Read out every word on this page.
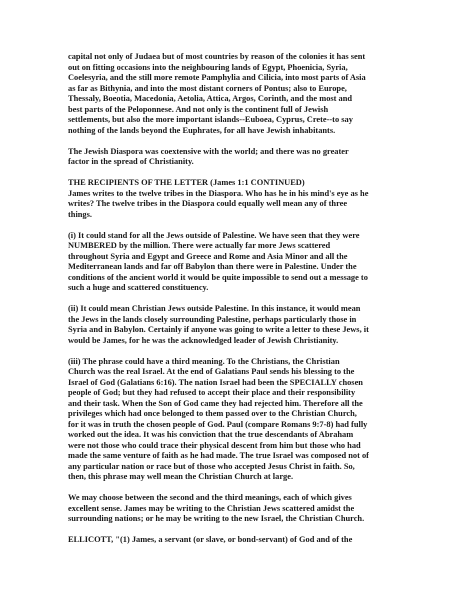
capital not only of Judaea but of most countries by reason of the colonies it has sent
out on fitting occasions into the neighbouring lands of Egypt, Phoenicia, Syria,
Coelesyria, and the still more remote Pamphylia and Cilicia, into most parts of Asia
as far as Bithynia, and into the most distant corners of Pontus; also to Europe,
Thessaly, Boeotia, Macedonia, Aetolia, Attica, Argos, Corinth, and the most and
best parts of the Peloponnese. And not only is the continent full of Jewish
settlements, but also the more important islands--Euboea, Cyprus, Crete--to say
nothing of the lands beyond the Euphrates, for all have Jewish inhabitants.

The Jewish Diaspora was coextensive with the world; and there was no greater
factor in the spread of Christianity.

THE RECIPIENTS OF THE LETTER (James 1:1 CONTINUED)

James writes to the twelve tribes in the Diaspora. Who has he in his mind's eye as he
writes? The twelve tribes in the Diaspora could equally well mean any of three
things.

(i) It could stand for all the Jews outside of Palestine. We have seen that they were
NUMBERED by the million. There were actually far more Jews scattered
throughout Syria and Egypt and Greece and Rome and Asia Minor and all the
Mediterranean lands and far off Babylon than there were in Palestine. Under the
conditions of the ancient world it would be quite impossible to send out a message to
such a huge and scattered constituency.

(ii) It could mean Christian Jews outside Palestine. In this instance, it would mean
the Jews in the lands closely surrounding Palestine, perhaps particularly those in
Syria and in Babylon. Certainly if anyone was going to write a letter to these Jews, it
would be James, for he was the acknowledged leader of Jewish Christianity.

(iii) The phrase could have a third meaning. To the Christians, the Christian
Church was the real Israel. At the end of Galatians Paul sends his blessing to the
Israel of God (Galatians 6:16). The nation Israel had been the SPECIALLY chosen
people of God; but they had refused to accept their place and their responsibility
and their task. When the Son of God came they had rejected him. Therefore all the
privileges which had once belonged to them passed over to the Christian Church,
for it was in truth the chosen people of God. Paul (compare Romans 9:7-8) had fully
worked out the idea. It was his conviction that the true descendants of Abraham
were not those who could trace their physical descent from him but those who had
made the same venture of faith as he had made. The true Israel was composed not of
any particular nation or race but of those who accepted Jesus Christ in faith. So,
then, this phrase may well mean the Christian Church at large.

We may choose between the second and the third meanings, each of which gives
excellent sense. James may be writing to the Christian Jews scattered amidst the
surrounding nations; or he may be writing to the new Israel, the Christian Church.

ELLICOTT, "(1) James, a servant (or slave, or bond-servant) of God and of the
